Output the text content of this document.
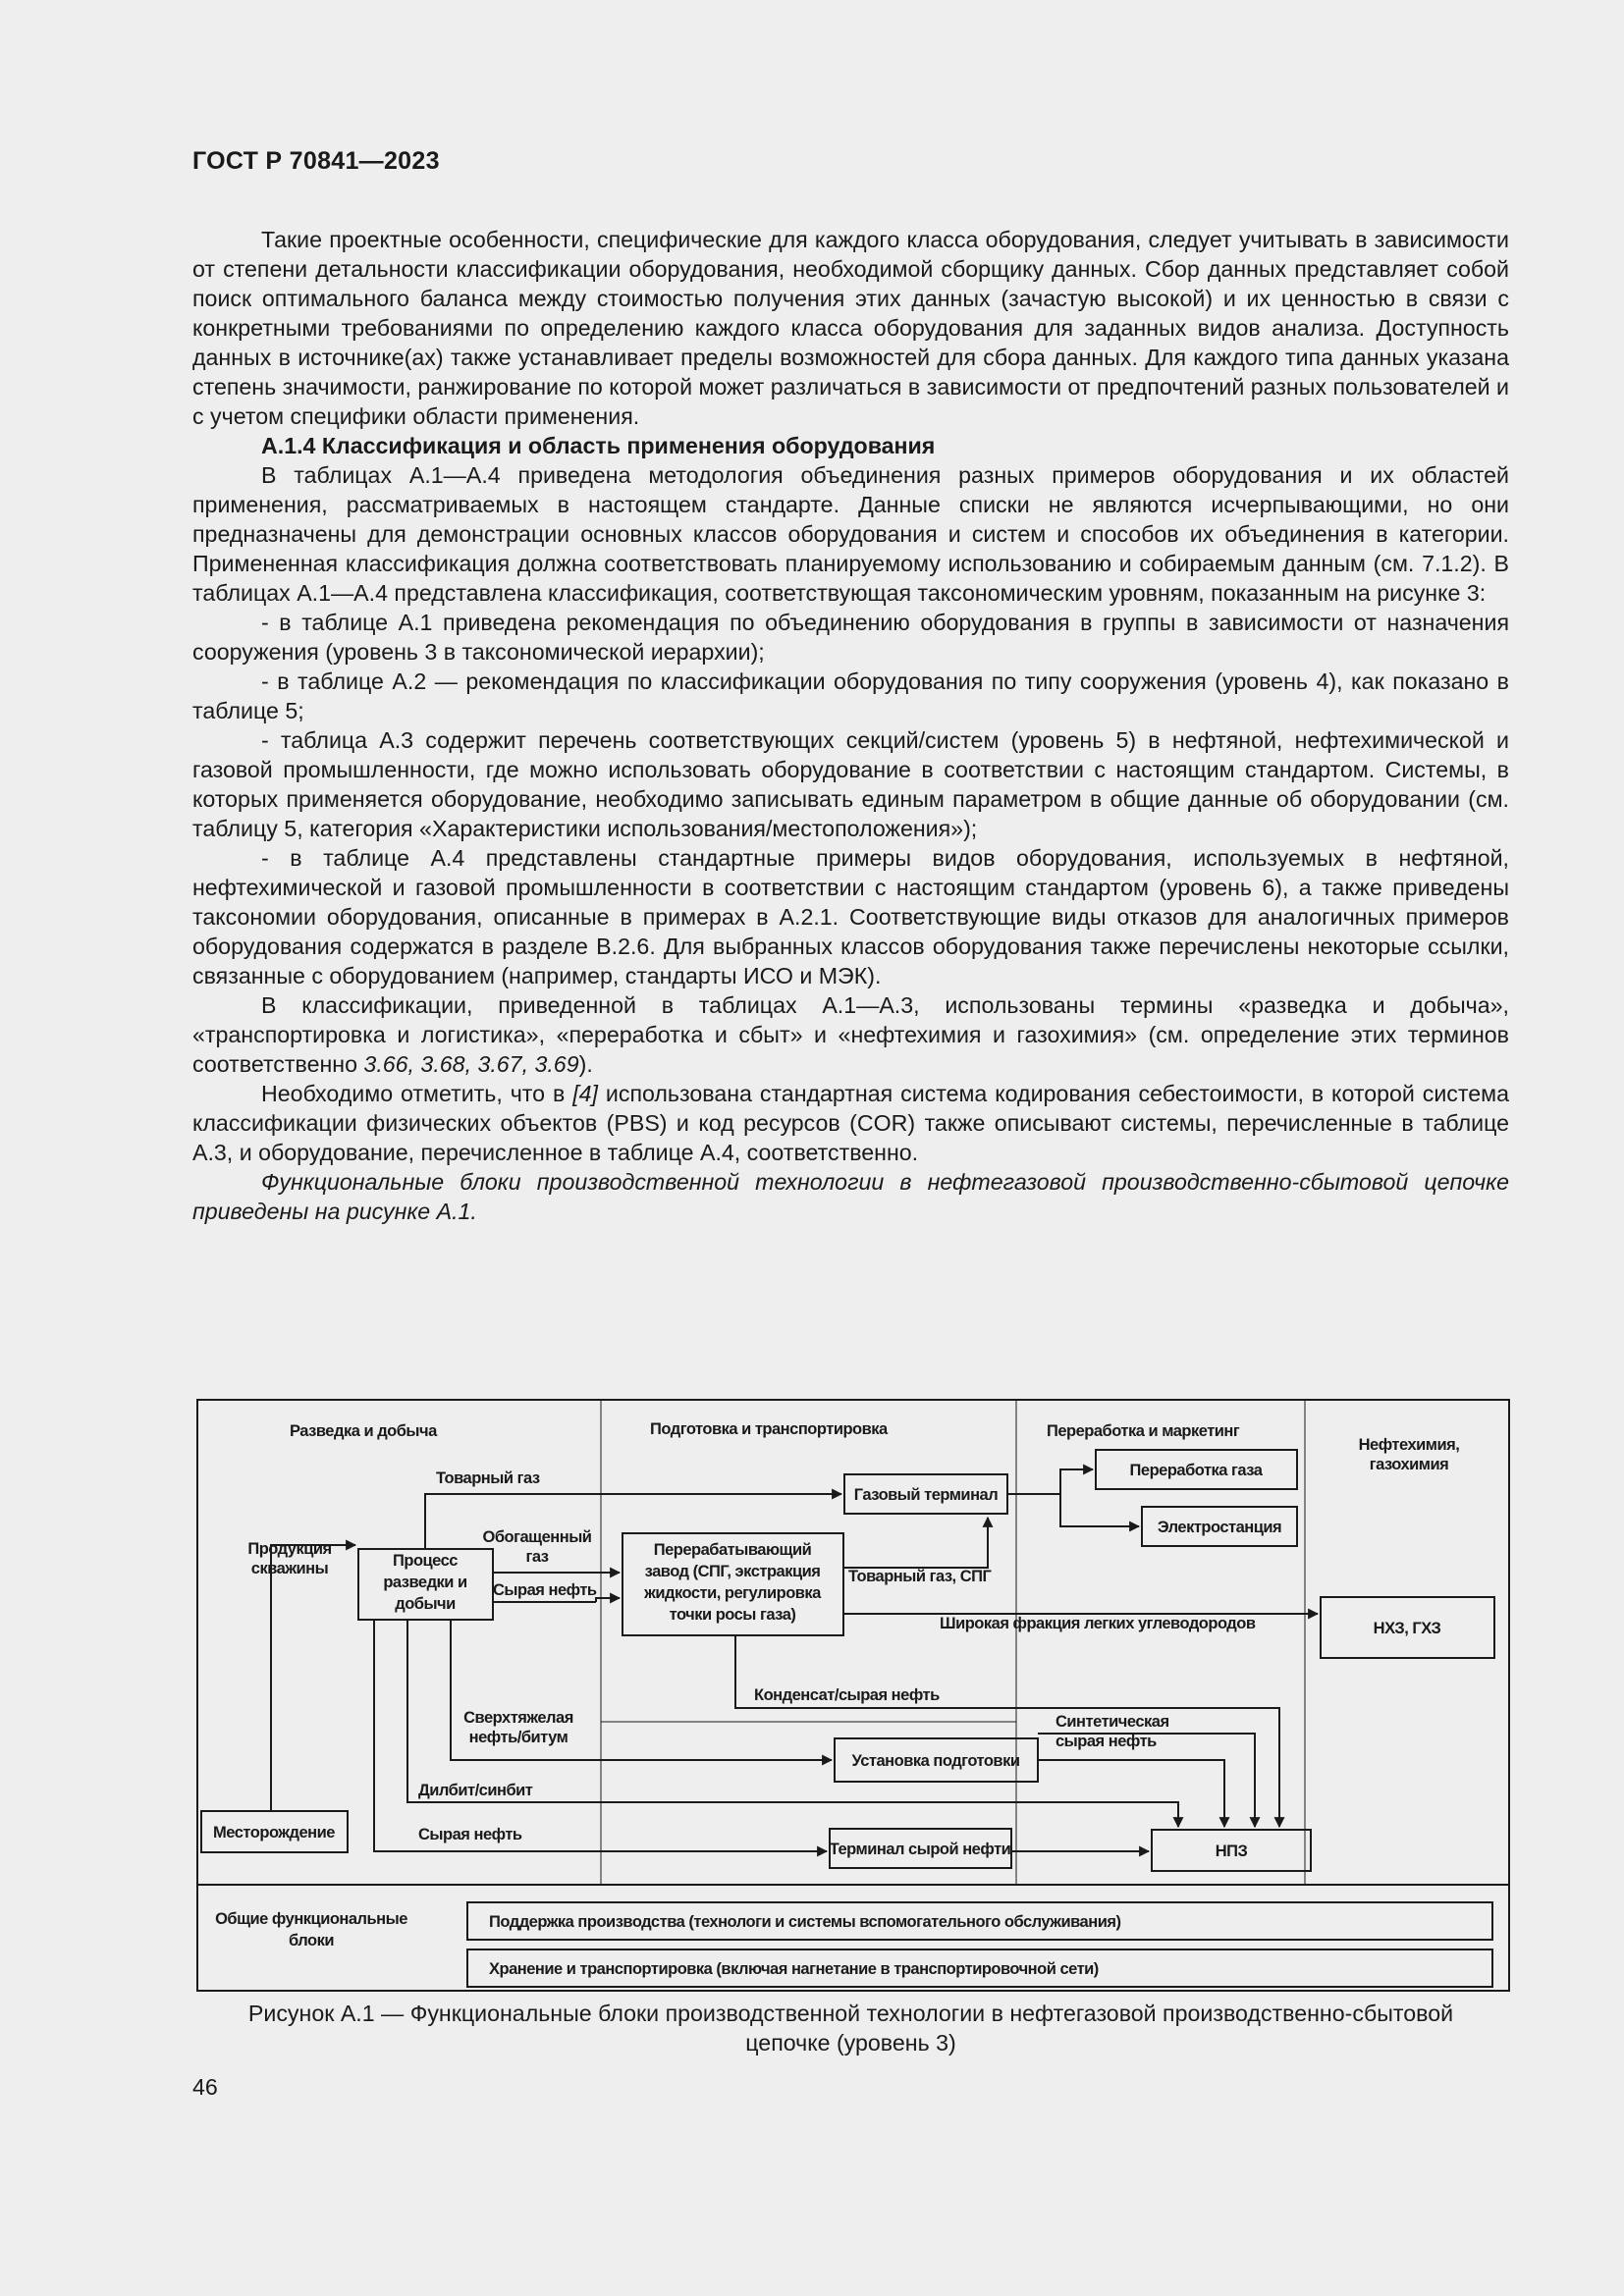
ГОСТ Р 70841—2023

Такие проектные особенности, специфические для каждого класса оборудования, следует учитывать в зависимости от степени детальности классификации оборудования, необходимой сборщику данных. Сбор данных представляет собой поиск оптимального баланса между стоимостью получения этих данных (зачастую высокой) и их ценностью в связи с конкретными требованиями по определению каждого класса оборудования для заданных видов анализа. Доступность данных в источнике(ах) также устанавливает пределы возможностей для сбора данных. Для каждого типа данных указана степень значимости, ранжирование по которой может различаться в зависимости от предпочтений разных пользователей и с учетом специфики области применения.

А.1.4 Классификация и область применения оборудования

В таблицах А.1—А.4 приведена методология объединения разных примеров оборудования и их областей применения, рассматриваемых в настоящем стандарте. Данные списки не являются исчерпывающими, но они предназначены для демонстрации основных классов оборудования и систем и способов их объединения в категории. Примененная классификация должна соответствовать планируемому использованию и собираемым данным (см. 7.1.2). В таблицах А.1—А.4 представлена классификация, соответствующая таксономическим уровням, показанным на рисунке 3:

- в таблице А.1 приведена рекомендация по объединению оборудования в группы в зависимости от назначения сооружения (уровень 3 в таксономической иерархии);

- в таблице А.2 — рекомендация по классификации оборудования по типу сооружения (уровень 4), как показано в таблице 5;

- таблица А.3 содержит перечень соответствующих секций/систем (уровень 5) в нефтяной, нефтехимической и газовой промышленности, где можно использовать оборудование в соответствии с настоящим стандартом. Системы, в которых применяется оборудование, необходимо записывать единым параметром в общие данные об оборудовании (см. таблицу 5, категория «Характеристики использования/местоположения»);

- в таблице А.4 представлены стандартные примеры видов оборудования, используемых в нефтяной, нефтехимической и газовой промышленности в соответствии с настоящим стандартом (уровень 6), а также приведены таксономии оборудования, описанные в примерах в А.2.1. Соответствующие виды отказов для аналогичных примеров оборудования содержатся в разделе В.2.6. Для выбранных классов оборудования также перечислены некоторые ссылки, связанные с оборудованием (например, стандарты ИСО и МЭК).

В классификации, приведенной в таблицах А.1—А.3, использованы термины «разведка и добыча», «транспортировка и логистика», «переработка и сбыт» и «нефтехимия и газохимия» (см. определение этих терминов соответственно 3.66, 3.68, 3.67, 3.69).

Необходимо отметить, что в [4] использована стандартная система кодирования себестоимости, в которой система классификации физических объектов (PBS) и код ресурсов (COR) также описывают системы, перечисленные в таблице А.3, и оборудование, перечисленное в таблице А.4, соответственно.

Функциональные блоки производственной технологии в нефтегазовой производственно-сбытовой цепочке приведены на рисунке А.1.

Разведка и добыча	Подготовка и транспортировка	Переработка и маркетинг
Нефтехимия,
газохимия
Процесс
разведки и
добычи
Газовый терминал
Переработка газа
Электростанция
Перерабатывающий
завод (СПГ, экстракция
жидкости, регулировка
точки росы газа)
НХЗ, ГХЗ
Установка подготовки
Месторождение
Терминал сырой нефти	НПЗ
Поддержка производства (технологи и системы вспомогательного обслуживания)
Хранение и транспортировка (включая нагнетание в транспортировочной сети)
Продукция
скважины
Товарный газ
Обогащенный
газ
Сырая нефть
Товарный газ, СПГ
Широкая фракция легких углеводородов
Конденсат/сырая нефть
Сверхтяжелая
нефть/битум
Синтетическая
сырая нефть
Дилбит/синбит
Сырая нефть
Общие функциональные
блоки
Рисунок А.1 — Функциональные блоки производственной технологии в нефтегазовой производственно-сбытовой
цепочке (уровень 3)
46
